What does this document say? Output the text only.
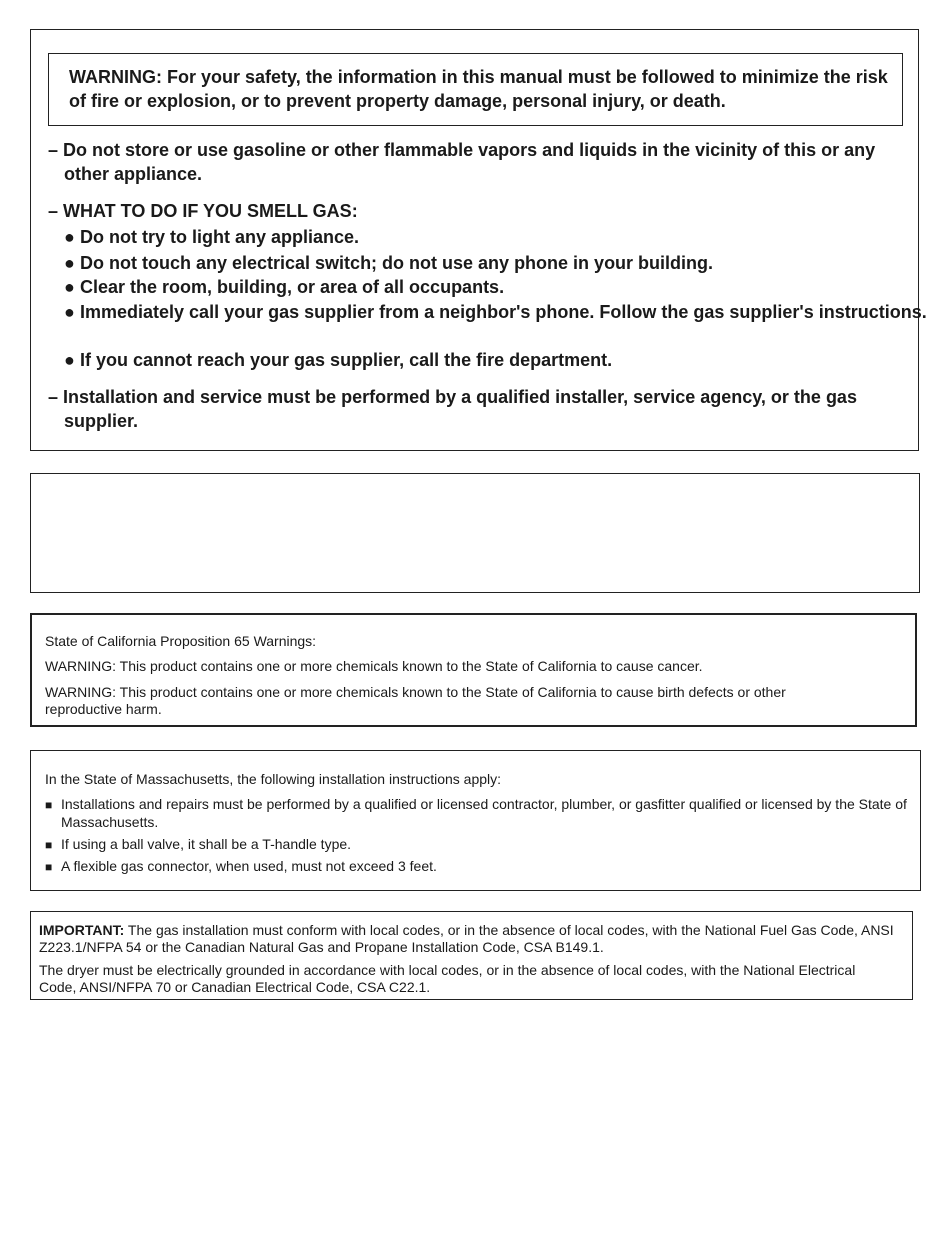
WARNING: For your safety, the information in this manual must be followed to minimize the risk of fire or explosion, or to prevent property damage, personal injury, or death.
– Do not store or use gasoline or other flammable vapors and liquids in the vicinity of this or any other appliance.
– WHAT TO DO IF YOU SMELL GAS:
● Do not try to light any appliance.
● Do not touch any electrical switch; do not use any phone in your building.
● Clear the room, building, or area of all occupants.
● Immediately call your gas supplier from a neighbor's phone. Follow the gas supplier's instructions.
● If you cannot reach your gas supplier, call the fire department.
– Installation and service must be performed by a qualified installer, service agency, or the gas supplier.
State of California Proposition 65 Warnings:
WARNING: This product contains one or more chemicals known to the State of California to cause cancer.
WARNING: This product contains one or more chemicals known to the State of California to cause birth defects or other reproductive harm.
In the State of Massachusetts, the following installation instructions apply:
■ Installations and repairs must be performed by a qualified or licensed contractor, plumber, or gasfitter qualified or licensed by the State of Massachusetts.
■ If using a ball valve, it shall be a T-handle type.
■ A flexible gas connector, when used, must not exceed 3 feet.
IMPORTANT: The gas installation must conform with local codes, or in the absence of local codes, with the National Fuel Gas Code, ANSI Z223.1/NFPA 54 or the Canadian Natural Gas and Propane Installation Code, CSA B149.1.
The dryer must be electrically grounded in accordance with local codes, or in the absence of local codes, with the National Electrical Code, ANSI/NFPA 70 or Canadian Electrical Code, CSA C22.1.
